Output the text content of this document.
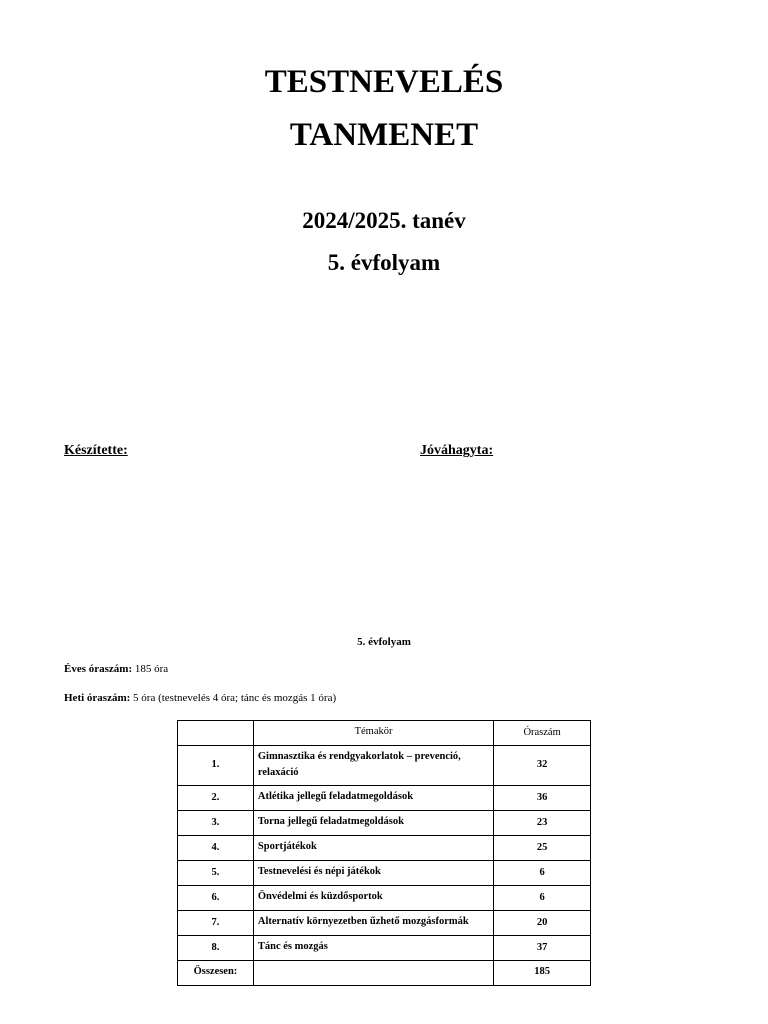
TESTNEVELÉS
TANMENET
2024/2025. tanév
5. évfolyam
Készítette:	Jóváhagyta:
5. évfolyam
Éves óraszám: 185 óra
Heti óraszám: 5 óra (testnevelés 4 óra; tánc és mozgás 1 óra)
	Témakör	Óraszám
1.	Gimnasztika és rendgyakorlatok – prevenció, relaxáció	32
2.	Atlétika jellegű feladatmegoldások	36
3.	Torna jellegű feladatmegoldások	23
4.	Sportjátékok	25
5.	Testnevelési és népi játékok	6
6.	Önvédelmi és küzdősportok	6
7.	Alternatív környezetben űzhető mozgásformák	20
8.	Tánc és mozgás	37
Összesen:		185
